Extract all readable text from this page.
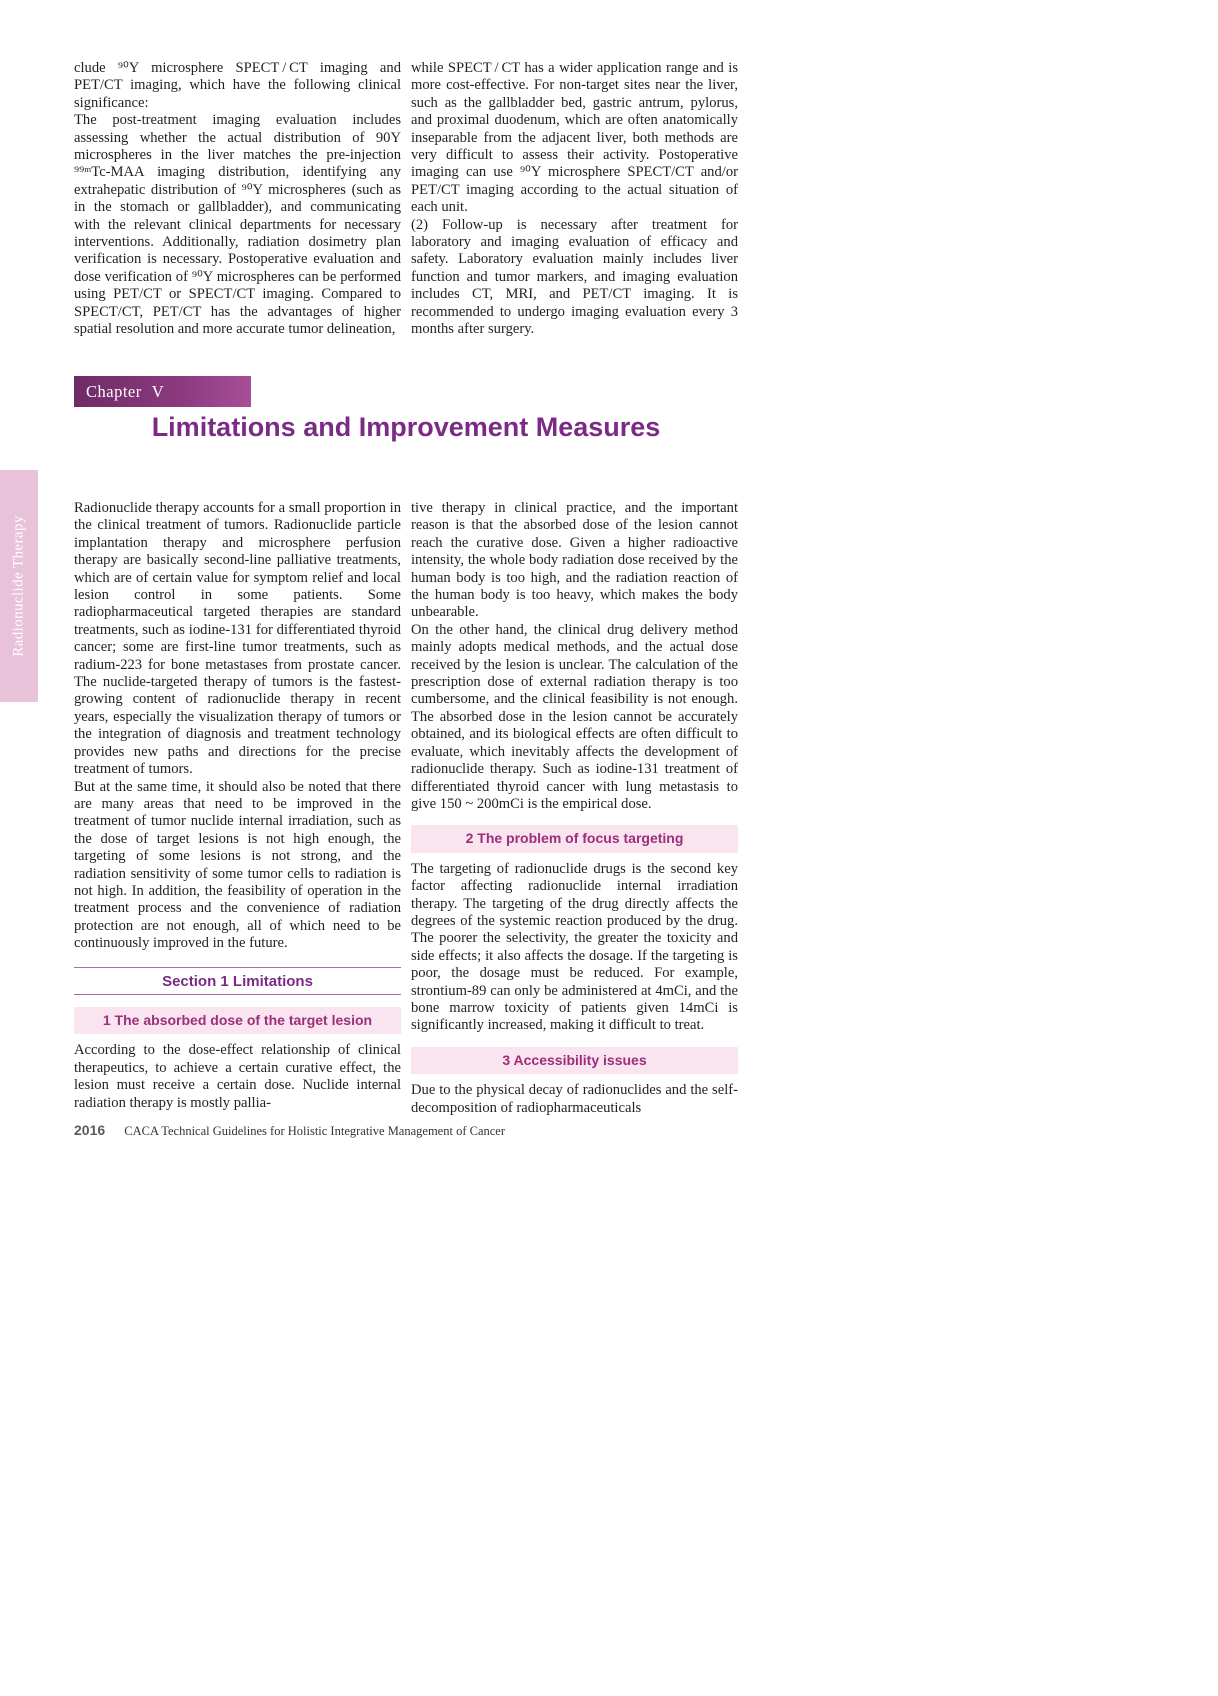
Radionuclide Therapy

clude ⁹⁰Y microsphere SPECT / CT imaging and PET/CT imaging, which have the following clinical significance:

The post-treatment imaging evaluation includes assessing whether the actual distribution of 90Y microspheres in the liver matches the pre-injection ⁹⁹ᵐTc-MAA imaging distribution, identifying any extrahepatic distribution of ⁹⁰Y microspheres (such as in the stomach or gallbladder), and communicating with the relevant clinical departments for necessary interventions. Additionally, radiation dosimetry plan verification is necessary. Postoperative evaluation and dose verification of ⁹⁰Y microspheres can be performed using PET/CT or SPECT/CT imaging. Compared to SPECT/CT, PET/CT has the advantages of higher spatial resolution and more accurate tumor delineation,

while SPECT / CT has a wider application range and is more cost-effective. For non-target sites near the liver, such as the gallbladder bed, gastric antrum, pylorus, and proximal duodenum, which are often anatomically inseparable from the adjacent liver, both methods are very difficult to assess their activity. Postoperative imaging can use ⁹⁰Y microsphere SPECT/CT and/or PET/CT imaging according to the actual situation of each unit.

(2) Follow-up is necessary after treatment for laboratory and imaging evaluation of efficacy and safety. Laboratory evaluation mainly includes liver function and tumor markers, and imaging evaluation includes CT, MRI, and PET/CT imaging. It is recommended to undergo imaging evaluation every 3 months after surgery.

Chapter V
Limitations and Improvement Measures

Radionuclide therapy accounts for a small proportion in the clinical treatment of tumors. Radionuclide particle implantation therapy and microsphere perfusion therapy are basically second-line palliative treatments, which are of certain value for symptom relief and local lesion control in some patients. Some radiopharmaceutical targeted therapies are standard treatments, such as iodine-131 for differentiated thyroid cancer; some are first-line tumor treatments, such as radium-223 for bone metastases from prostate cancer. The nuclide-targeted therapy of tumors is the fastest-growing content of radionuclide therapy in recent years, especially the visualization therapy of tumors or the integration of diagnosis and treatment technology provides new paths and directions for the precise treatment of tumors.

But at the same time, it should also be noted that there are many areas that need to be improved in the treatment of tumor nuclide internal irradiation, such as the dose of target lesions is not high enough, the targeting of some lesions is not strong, and the radiation sensitivity of some tumor cells to radiation is not high. In addition, the feasibility of operation in the treatment process and the convenience of radiation protection are not enough, all of which need to be continuously improved in the future.

Section 1 Limitations
1 The absorbed dose of the target lesion

According to the dose-effect relationship of clinical therapeutics, to achieve a certain curative effect, the lesion must receive a certain dose. Nuclide internal radiation therapy is mostly pallia-

tive therapy in clinical practice, and the important reason is that the absorbed dose of the lesion cannot reach the curative dose. Given a higher radioactive intensity, the whole body radiation dose received by the human body is too high, and the radiation reaction of the human body is too heavy, which makes the body unbearable.

On the other hand, the clinical drug delivery method mainly adopts medical methods, and the actual dose received by the lesion is unclear. The calculation of the prescription dose of external radiation therapy is too cumbersome, and the clinical feasibility is not enough. The absorbed dose in the lesion cannot be accurately obtained, and its biological effects are often difficult to evaluate, which inevitably affects the development of radionuclide therapy. Such as iodine-131 treatment of differentiated thyroid cancer with lung metastasis to give 150 ~ 200mCi is the empirical dose.

2 The problem of focus targeting

The targeting of radionuclide drugs is the second key factor affecting radionuclide internal irradiation therapy. The targeting of the drug directly affects the degrees of the systemic reaction produced by the drug. The poorer the selectivity, the greater the toxicity and side effects; it also affects the dosage. If the targeting is poor, the dosage must be reduced. For example, strontium-89 can only be administered at 4mCi, and the bone marrow toxicity of patients given 14mCi is significantly increased, making it difficult to treat.

3 Accessibility issues

Due to the physical decay of radionuclides and the self-decomposition of radiopharmaceuticals

2016 CACA Technical Guidelines for Holistic Integrative Management of Cancer
